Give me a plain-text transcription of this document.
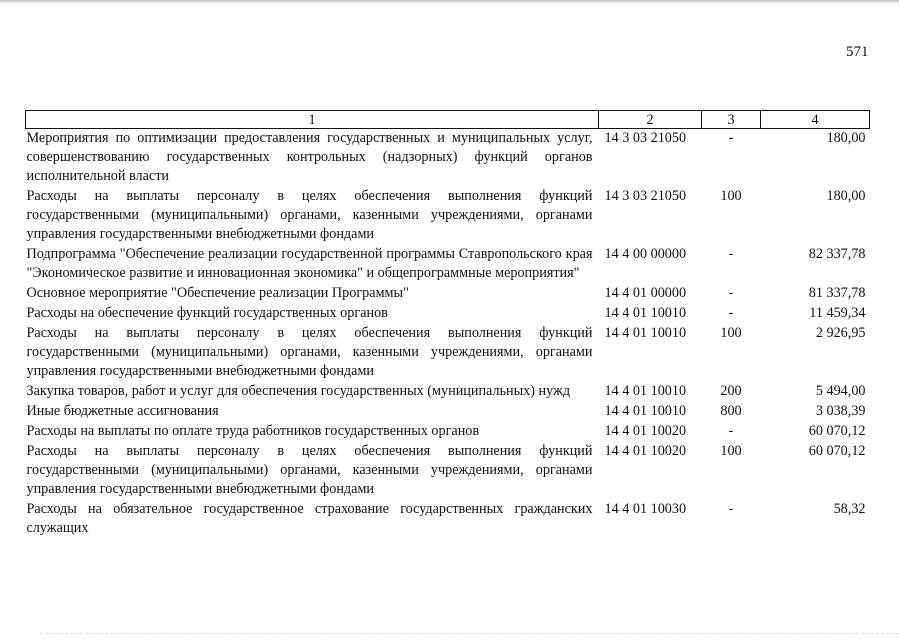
571
1	2	3	4
Мероприятия по оптимизации предоставления государственных и муниципальных услуг, совершенствованию государственных контрольных (надзорных) функций органов исполнительной власти	14 3 03 21050	-	180,00
Расходы на выплаты персоналу в целях обеспечения выполнения функций государственными (муниципальными) органами, казенными учреждениями, органами управления государственными внебюджетными фондами	14 3 03 21050	100	180,00
Подпрограмма "Обеспечение реализации государственной программы Ставропольского края "Экономическое развитие и инновационная экономика" и общепрограммные мероприятия"	14 4 00 00000	-	82 337,78
Основное мероприятие "Обеспечение реализации Программы"	14 4 01 00000	-	81 337,78
Расходы на обеспечение функций государственных органов	14 4 01 10010	-	11 459,34
Расходы на выплаты персоналу в целях обеспечения выполнения функций государственными (муниципальными) органами, казенными учреждениями, органами управления государственными внебюджетными фондами	14 4 01 10010	100	2 926,95
Закупка товаров, работ и услуг для обеспечения государственных (муниципальных) нужд	14 4 01 10010	200	5 494,00
Иные бюджетные ассигнования	14 4 01 10010	800	3 038,39
Расходы на выплаты по оплате труда работников государственных органов	14 4 01 10020	-	60 070,12
Расходы на выплаты персоналу в целях обеспечения выполнения функций государственными (муниципальными) органами, казенными учреждениями, органами управления государственными внебюджетными фондами	14 4 01 10020	100	60 070,12
Расходы на обязательное государственное страхование государственных гражданских служащих	14 4 01 10030	-	58,32
